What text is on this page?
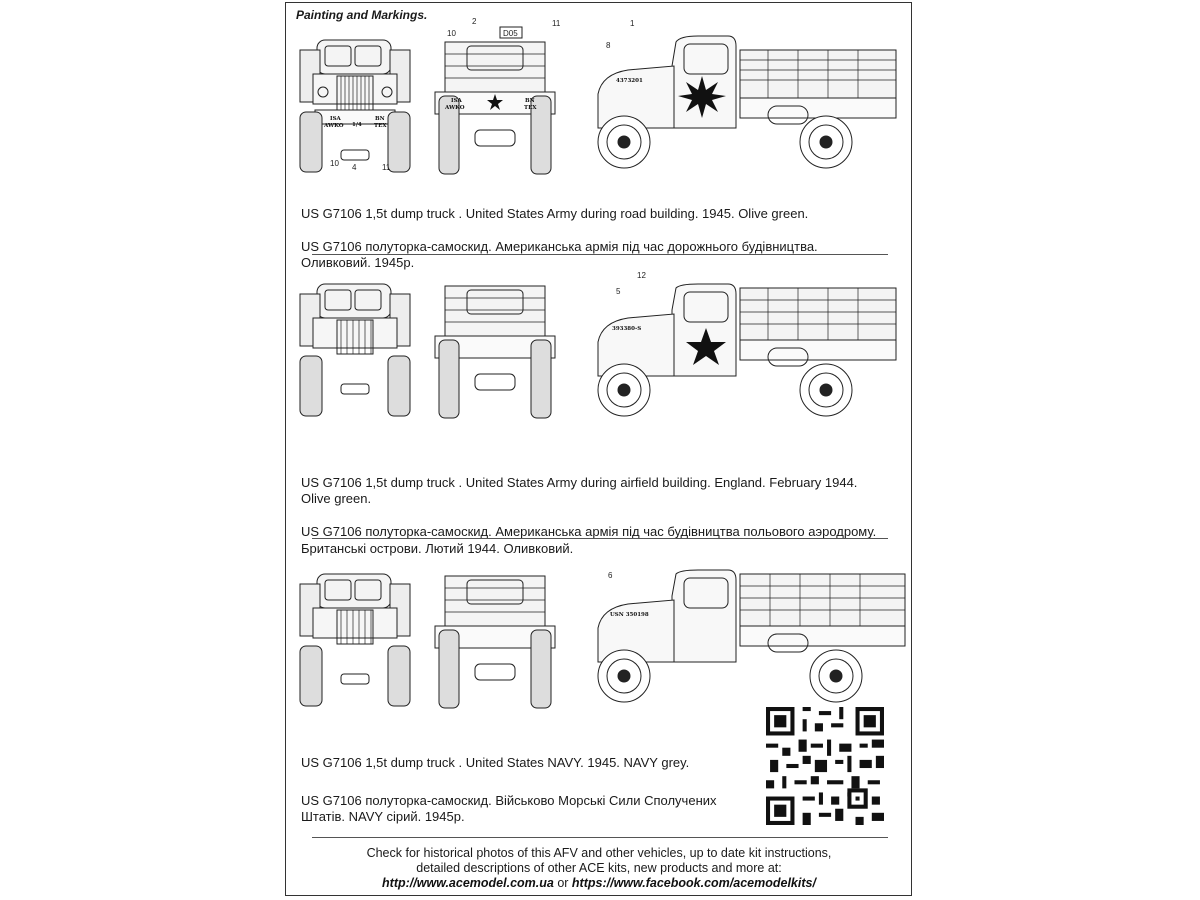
Painting and Markings.
ISA
AWKO 1/4
BN
TEX
10 4	11
ISA
AWKO
BN
TEX
10
2
D05
11
4373201
1
8

US G7106 1,5t dump truck . United States Army during road building. 1945. Olive green.

US G7106 полуторка-самоскид. Американська армія під час дорожнього будівництва.
Оливковий. 1945р.

393380-S
12
5

US G7106 1,5t dump truck . United States Army during airfield building. England. February 1944.
Olive green.

US G7106 полуторка-самоскид. Американська армія під час будівництва польового аэродрому.
Британські острови. Лютий 1944. Оливковий.

USN 350198
6

US G7106 1,5t dump truck . United States NAVY. 1945. NAVY grey.

US G7106 полуторка-самоскид. Військово Морські Сили Сполучених
Штатів. NAVY сірий. 1945р.

Check for historical photos of this AFV and other vehicles, up to date kit instructions,
detailed descriptions of other ACE kits, new products and more at:
http://www.acemodel.com.ua or https://www.facebook.com/acemodelkits/
